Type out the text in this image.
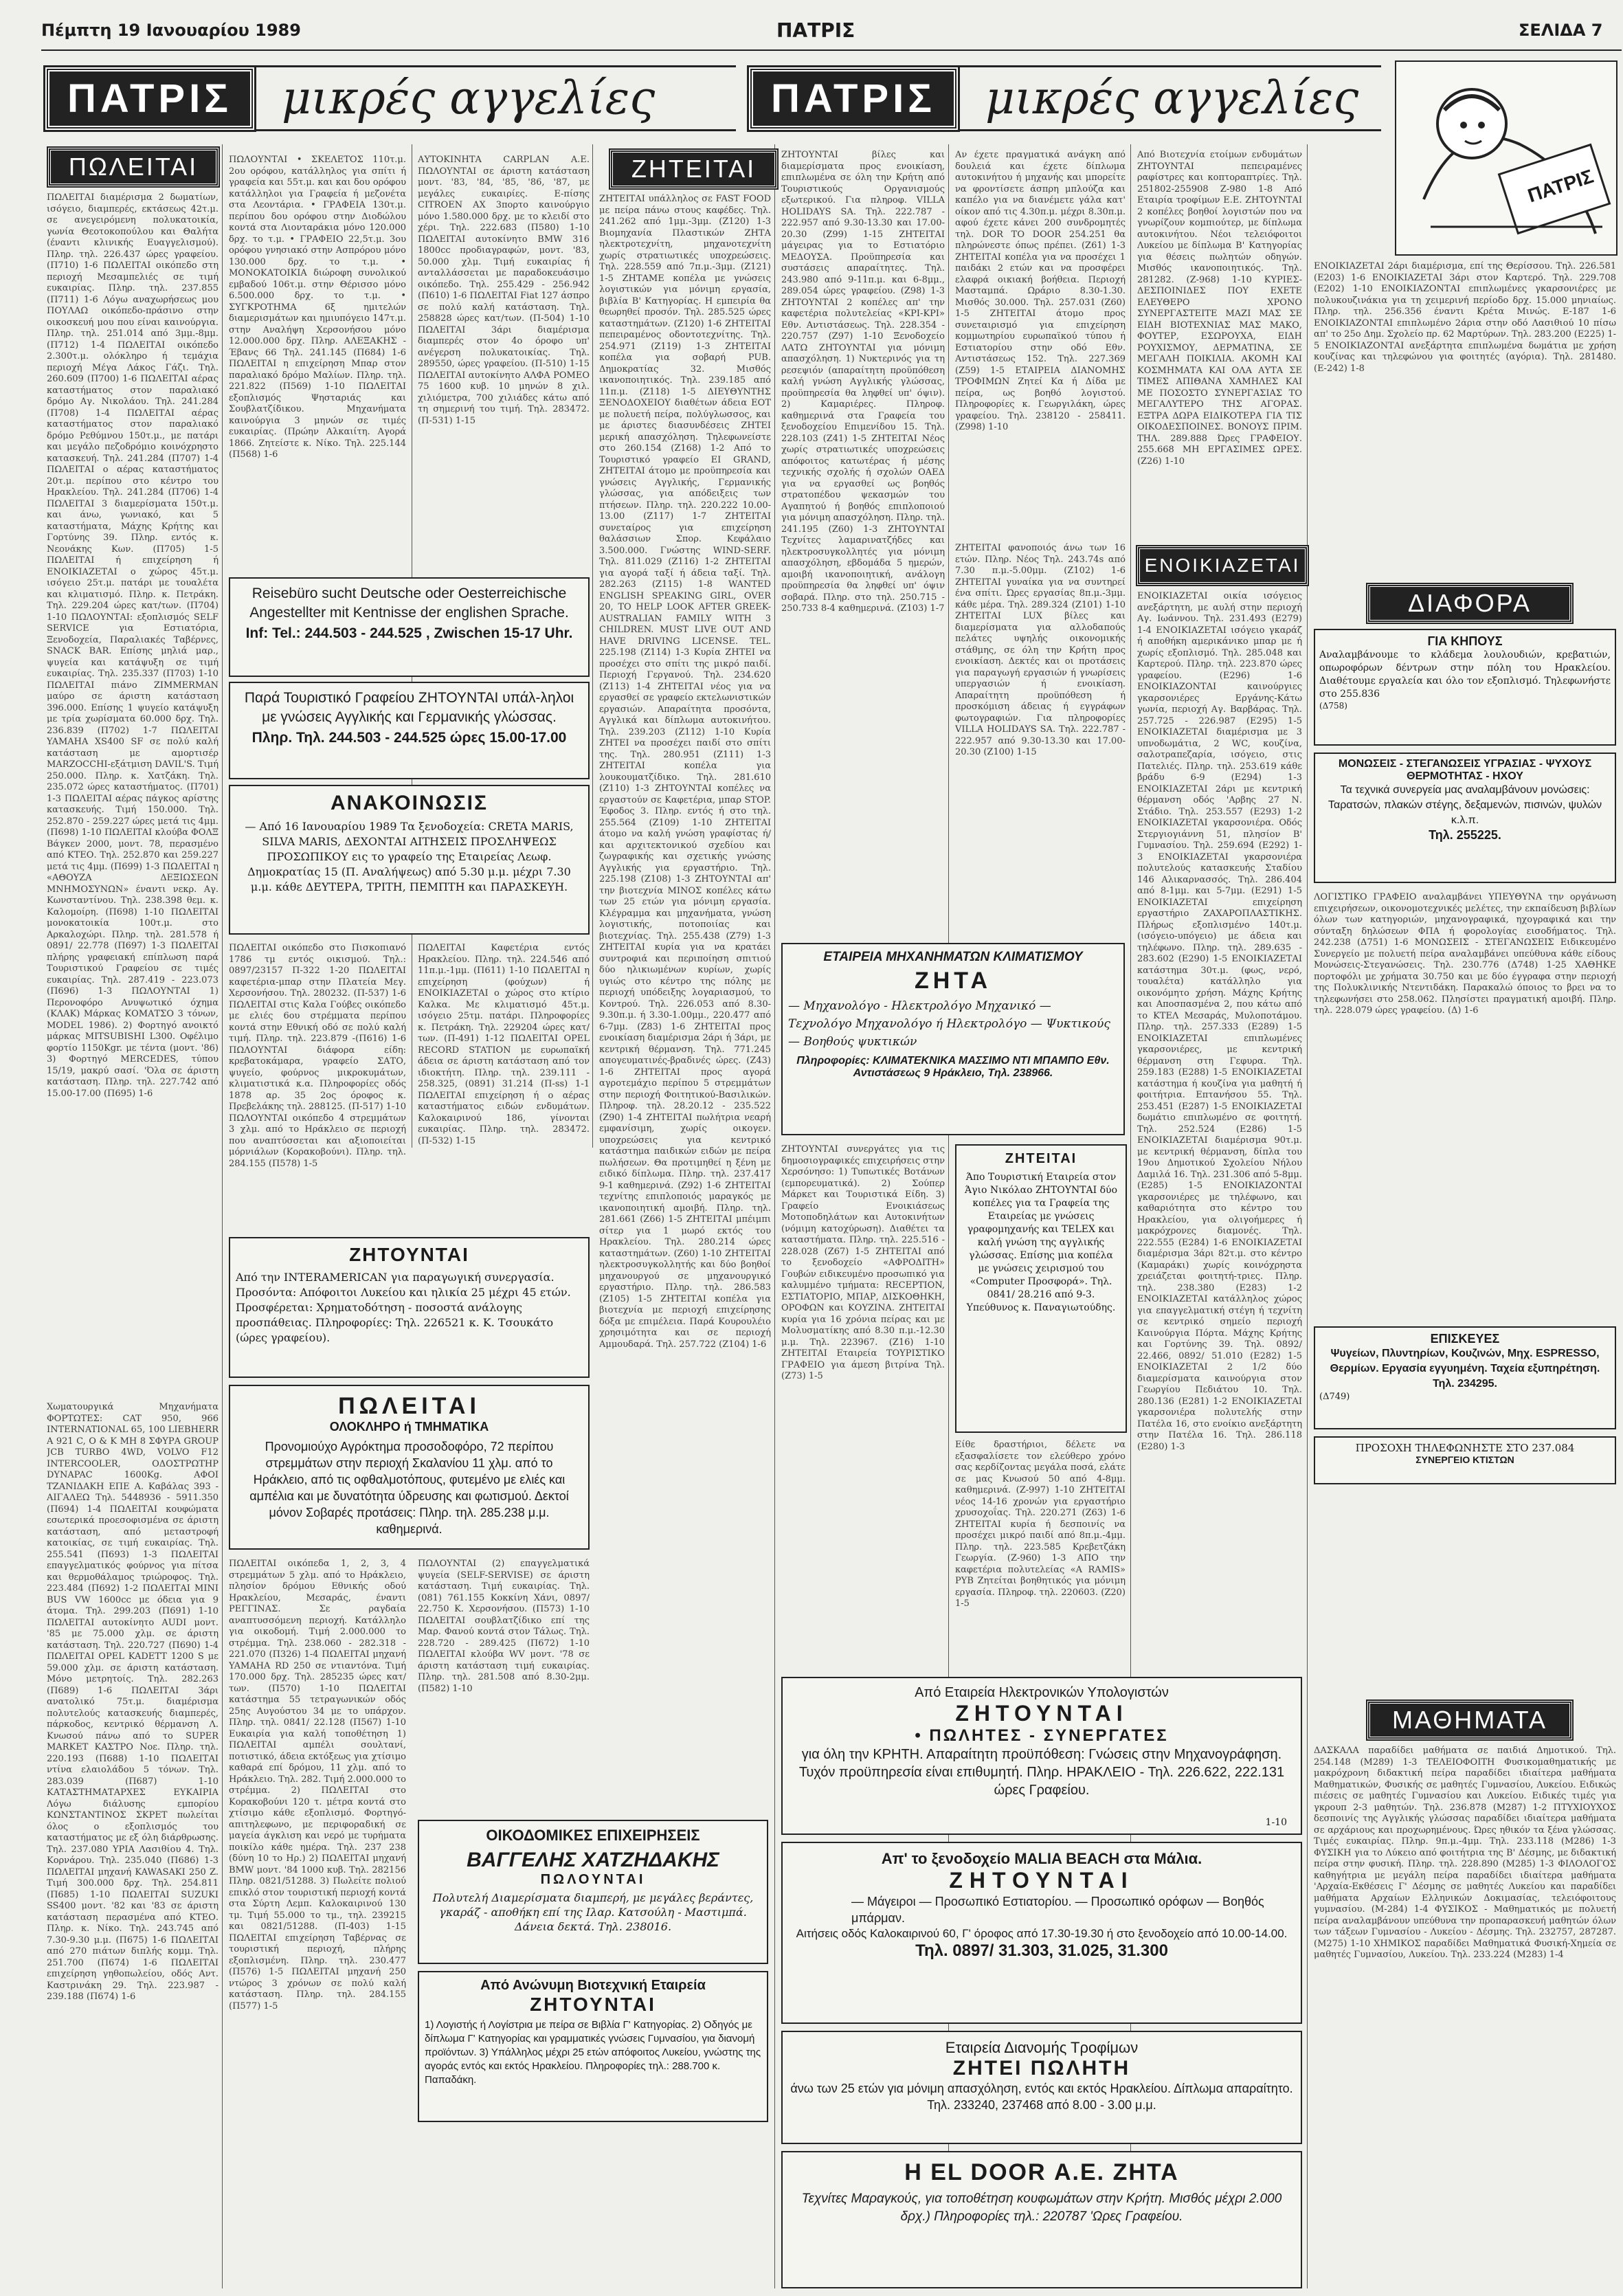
Πέμπτη 19 Ιανουαρίου 1989	ΠΑΤΡΙΣ	ΣΕΛΙΔΑ 7
ΠΑΤΡΙΣ	μικρές αγγελίες	ΠΑΤΡΙΣ	μικρές αγγελίες
ΠΑΤΡΙΣ
ΠΩΛΕΙΤΑΙ
ΠΩΛΕΙΤΑΙ διαμέρισμα 2 δωματίων, ισόγειο, διαμπερές, εκτάσεως 42τ.μ. σε ανεγειρόμενη πολυκατοικία, γωνία Θεοτοκοπούλου και Θαλήτα (έναντι κλινικής Ευαγγελισμού). Πληρ. τηλ. 226.437 ώρες γραφείου. (Π710) 1-6 ΠΩΛΕΙΤΑΙ οικόπεδο στη περιοχή Μεσαμπελιές σε τιμή ευκαιρίας. Πληρ. τηλ. 237.855 (Π711) 1-6 Λόγω αναχωρήσεως μου ΠΟΥΛΑΩ οικόπεδο-πράσινο στην οικοσκευή μου που είναι καινούργια. Πληρ. τηλ. 251.014 από 3μμ.-8μμ. (Π712) 1-4 ΠΩΛΕΙΤΑΙ οικόπεδο 2.300τ.μ. ολόκληρο ή τεμάχια περιοχή Μέγα Λάκος Γάζι. Τηλ. 260.609 (Π700) 1-6 ΠΩΛΕΙΤΑΙ αέρας καταστήματος στον παραλιακό δρόμο Αγ. Νικολάου. Τηλ. 241.284 (Π708) 1-4 ΠΩΛΕΙΤΑΙ αέρας καταστήματος στον παραλιακό δρόμο Ρεθύμνου 150τ.μ., με πατάρι και μεγάλο πεζοδρόμιο κοινόχρηστο κατασκευή. Τηλ. 241.284 (Π707) 1-4 ΠΩΛΕΙΤΑΙ ο αέρας καταστήματος 20τ.μ. περίπου στο κέντρο του Ηρακλείου. Τηλ. 241.284 (Π706) 1-4 ΠΩΛΕΙΤΑΙ 3 διαμερίσματα 150τ.μ. και άνω, γωνιακό, και 5 καταστήματα, Μάχης Κρήτης και Γορτύνης 39. Πληρ. εντός κ. Νεονάκης Κων. (Π705) 1-5 ΠΩΛΕΙΤΑΙ ή επιχείρηση ή ΕΝΟΙΚΙΑΖΕΤΑΙ ο χώρος 45τ.μ. ισόγειο 25τ.μ. πατάρι με τουαλέτα και κλιματισμό. Πληρ. κ. Πετράκη. Τηλ. 229.204 ώρες κατ/των. (Π704) 1-10 ΠΩΛΟΥΝΤΑΙ: εξοπλισμός SELF SERVICE για Εστιατόρια, Ξενοδοχεία, Παραλιακές Ταβέρνες, SNACK BAR. Επίσης μηλιά μαρ., ψυγεία και κατάψυξη σε τιμή ευκαιρίας. Τηλ. 235.337 (Π703) 1-10 ΠΩΛΕΙΤΑΙ πιάνο ZIMMERMAN μαύρο σε άριστη κατάσταση 396.000. Επίσης 1 ψυγείο κατάψυξη με τρία χωρίσματα 60.000 δρχ. Τηλ. 236.839 (Π702) 1-7 ΠΩΛΕΙΤΑΙ YAMAHA XS400 SF σε πολύ καλή κατάσταση με αμορτισέρ MARZOCCHI-εξάτμιση DAVIL'S. Τιμή 250.000. Πληρ. κ. Χατζάκη. Τηλ. 235.072 ώρες καταστήματος. (Π701) 1-3 ΠΩΛΕΙΤΑΙ αέρας πάγκος αρίστης κατασκευής. Τιμή 150.000. Τηλ. 252.870 - 259.227 ώρες μετά τις 4μμ. (Π698) 1-10 ΠΩΛΕΙΤΑΙ κλούβα ΦΟΛΞ Βάγκεν 2000, μοντ. 78, περασμένο από ΚΤΕΟ. Τηλ. 252.870 και 259.227 μετά τις 4μμ. (Π699) 1-3 ΠΩΛΕΙΤΑΙ η «ΑΘΟΥΖΑ ΔΕΞΙΩΣΕΩΝ ΜΝΗΜΟΣΥΝΩΝ» έναντι νεκρ. Αγ. Κωνσταντίνου. Τηλ. 238.398 θεμ. κ. Καλομοίρη. (Π698) 1-10 ΠΩΛΕΙΤΑΙ μονοκατοικία 100τ.μ. στο Αρκαλοχώρι. Πληρ. τηλ. 281.578 ή 0891/ 22.778 (Π697) 1-3 ΠΩΛΕΙΤΑΙ πλήρης γραφειακή επίπλωση παρά Τουριστικού Γραφείου σε τιμές ευκαιρίας. Τηλ. 287.419 - 223.073 (Π696) 1-3 ΠΩΛΟΥΝΤΑΙ 1) Περονοφόρο Ανυψωτικό όχημα (ΚΛΑΚ) Μάρκας ΚΟΜΑΤΣΟ 3 τόνων, MODEL 1986). 2) Φορτηγό ανοικτό μάρκας MITSUBISHI L300. Οφέλιμο φορτίο 1150Kgr. με τέντα (μοντ. '86) 3) Φορτηγό MERCEDES, τύπου 15/19, μακρύ σασί. 'Όλα σε άριστη κατάσταση. Πληρ. τηλ. 227.742 από 15.00-17.00 (Π695) 1-6
Χωματουργικά Μηχανήματα ΦΟΡΤΩΤΕΣ: CAT 950, 966 INTERNATIONAL 65, 100 LIEBHERR A 921 C, Ο & Κ ΜΗ 8 ΣΦΥΡΑ GROUP JCB TURBO 4WD, VOLVO F12 INTERCOOLER, ΟΔΟΣΤΡΩΤΗΡ DYNAPAC 1600Kg. ΑΦΟΙ ΤΖΑΝΙΔΑΚΗ ΕΠΕ Α. Καβάλας 393 - ΑΙΓΑΛΕΩ Τηλ. 5448936 - 5911.350 (Π694) 1-4 ΠΩΛΕΙΤΑΙ κουφώματα εσωτερικά προεσοφισμένα σε άριστη κατάσταση, από μεταστροφή κατοικίας, σε τιμή ευκαιρίας. Τηλ. 255.541 (Π693) 1-3 ΠΩΛΕΙΤΑΙ επαγγελματικός φούρνος για πίτσα και θερμοθάλαμος τριώροφος. Τηλ. 223.484 (Π692) 1-2 ΠΩΛΕΙΤΑΙ MINI BUS VW 1600cc με όδεια για 9 άτομα. Τηλ. 299.203 (Π691) 1-10 ΠΩΛΕΙΤΑΙ αυτοκίνητο AUDI μοντ. '85 με 75.000 χλμ. σε άριστη κατάσταση. Τηλ. 220.727 (Π690) 1-4 ΠΩΛΕΙΤΑΙ OPEL KADETT 1200 S με 59.000 χλμ. σε άριστη κατάσταση. Μόνο μετρητοίς. Τηλ. 282.263 (Π689) 1-6 ΠΩΛΕΙΤΑΙ 3άρι ανατολικό 75τ.μ. διαμέρισμα πολυτελούς κατασκευής διαμπερές, πάρκοδος, κεντρικό θέρμανση Λ. Κνωσού πάνω από το SUPER MARKET ΚΑΣΤΡΟ Νοε. Πληρ. τηλ. 220.193 (Π688) 1-10 ΠΩΛΕΙΤΑΙ ντίνα ελαιολάδου 5 τόνων. Τηλ. 283.039 (Π687) 1-10 ΚΑΤΑΣΤΗΜΑΤΑΡΧΕΣ ΕΥΚΑΙΡΙΑ Λόγω διάλυσης εμπορίου ΚΩΝΣΤΑΝΤΙΝΟΣ ΣΚΡΕΤ πωλείται όλος ο εξοπλισμός του καταστήματος με εξ όλη διάρθρωσης. Τηλ. 237.080 ΥΡΙΑ Λασιθίου 4. Τηλ. Κορνάρου. Τηλ. 235.040 (Π686) 1-3 ΠΩΛΕΙΤΑΙ μηχανή KAWASAKI 250 Z. Τιμή 300.000 δρχ. Τηλ. 254.811 (Π685) 1-10 ΠΩΛΕΙΤΑΙ SUZUKI SS400 μοντ. '82 και '83 σε άριστη κατάσταση περασμένα από ΚΤΕΟ. Πληρ. κ. Νίκο. Τηλ. 243.745 από 7.30-9.30 μ.μ. (Π675) 1-6 ΠΩΛΕΙΤΑΙ από 270 πιάτων διπλής κομμ. Τηλ. 251.700 (Π674) 1-6 ΠΩΛΕΙΤΑΙ επιχείρηση γηθοπωλείου, οδός Αντ. Καστρινάκη 29. Τηλ. 223.987 - 239.188 (Π674) 1-6
ΠΩΛΟΥΝΤΑΙ • ΣΚΕΛΕΤΟΣ 110τ.μ. 2ου ορόφου, κατάλληλος για σπίτι ή γραφεία και 55τ.μ. και και δου ορόφου κατάλληλοι για Γραφεία ή μεζονέτα στα Λεοντάρια. • ΓΡΑΦΕΙΑ 130τ.μ. περίπου δου ορόφου στην Διοδώλου κοντά στα Λιονταράκια μόνο 120.000 δρχ. το τ.μ. • ΓΡΑΦΕΙΟ 22,5τ.μ. 3ου ορόφου γνησιακό στην Ασπρόρου μόνο 130.000 δρχ. το τ.μ. • ΜΟΝΟΚΑΤΟΙΚΙΑ διώροφη συνολικού εμβαδού 106τ.μ. στην Θέρισσο μόνο 6.500.000 δρχ. το τ.μ. • ΣΥΓΚΡΟΤΗΜΑ 6ξ ημιτελών διαμερισμάτων και ημιυπόγειο 147τ.μ. στην Αναλήψη Χερσονήσου μόνο 12.000.000 δρχ. Πληρ. ΑΛΕΞΑΚΗΣ - Έβανς 66 Τηλ. 241.145 (Π684) 1-6 ΠΩΛΕΙΤΑΙ η επιχείρηση Μπαρ στον παραλιακό δρόμο Μαλίων. Πληρ. τηλ. 221.822 (Π569) 1-10 ΠΩΛΕΙΤΑΙ εξοπλισμός Ψησταριάς και Σουβλατζίδικου. Μηχανήματα καινούργια 3 μηνών σε τιμές ευκαιρίας. (Πρώην Αλκαιίτη. Αγορά 1866. Ζητείστε κ. Νίκο. Τηλ. 225.144 (Π568) 1-6
ΑΥΤΟΚΙΝΗΤΑ CARPLAN Α.Ε. ΠΩΛΟΥΝΤΑΙ σε άριστη κατάσταση μοντ. '83, '84, '85, '86, '87, με μεγάλες ευκαιρίες. Ε-πίσης CITROEN ΑΧ 3πορτο καινούργιο μόνο 1.580.000 δρχ. με το κλειδί στο χέρι. Τηλ. 222.683 (Π580) 1-10 ΠΩΛΕΙΤΑΙ αυτοκίνητο BMW 316 1800cc προδιαγραφών, μοντ. '83, 50.000 χλμ. Τιμή ευκαιρίας ή ανταλλάσσεται με παραδοκευάσιμο οικόπεδο. Τηλ. 255.429 - 256.942 (Π610) 1-6 ΠΩΛΕΙΤΑΙ Fiat 127 άσπρο σε πολύ καλή κατάσταση. Τηλ. 258828 ώρες κατ/των. (Π-504) 1-10 ΠΩΛΕΙΤΑΙ 3άρι διαμέρισμα διαμπερές στον 4ο όροφο υπ' ανέγερση πολυκατοικίας. Τηλ. 289550, ώρες γραφείου. (Π-510) 1-15 ΠΩΛΕΙΤΑΙ αυτοκίνητο ΑΛΦΑ ΡΟΜΕΟ 75 1600 κυβ. 10 μηνών 8 χιλ. χιλιόμετρα, 700 χιλιάδες κάτω από τη σημερινή του τιμή. Τηλ. 283472. (Π-531) 1-15
Reisebüro sucht Deutsche oder Oesterreichische Angestellter mit Kentnisse der englishen Sprache.
Inf: Tel.: 244.503 - 244.525 , Zwischen 15-17 Uhr.
Παρά Τουριστικό Γραφείου ΖΗΤΟΥΝΤΑΙ υπάλ-ληλοι με γνώσεις Αγγλικής και Γερμανικής γλώσσας.
Πληρ. Τηλ. 244.503 - 244.525 ώρες 15.00-17.00
ΑΝΑΚΟΙΝΩΣΙΣ
— Από 16 Ιανουαρίου 1989 Τα ξενοδοχεία: CRETA MARIS, SILVA MARIS, ΔΕΧΟΝΤΑΙ ΑΙΤΗΣΕΙΣ ΠΡΟΣΛΗΨΕΩΣ ΠΡΟΣΩΠΙΚΟΥ εις το γραφείο της Εταιρείας Λεωφ. Δημοκρατίας 15 (Π. Αναλήψεως) από 5.30 μ.μ. μέχρι 7.30 μ.μ. κάθε ΔΕΥΤΕΡΑ, ΤΡΙΤΗ, ΠΕΜΠΤΗ και ΠΑΡΑΣΚΕΥΗ.
ΠΩΛΕΙΤΑΙ οικόπεδο στο Πισκοπιανό 1786 τμ εντός οικισμού. Τηλ.: 0897/23157 Π-322 1-20 ΠΩΛΕΙΤΑΙ καφετέρια-μπαρ στην Πλατεία Μεγ. Χερσονήσου. Τηλ. 280232. (Π-537) 1-6 ΠΩΛΕΙΤΑΙ στις Καλα Γούβες οικόπεδο με ελιές 6ου στρέμματα περίπου κοντά στην Εθνική οδό σε πολύ καλή τιμή. Πληρ. τηλ. 223.879 -(Π616) 1-6 ΠΩΛΟΥΝΤΑΙ διάφορα είδη: κρεβατοκάμαρα, γραφείο ΣΑΤΟ, ψυγείο, φούρνος μικροκυμάτων, κλιματιστικά κ.α. Πληροφορίες οδός 1878 αρ. 35 2ος όροφος κ. Πρεβελάκης τηλ. 288125. (Π-517) 1-10 ΠΩΛΟΥΝΤΑΙ οικόπεδο 4 στρεμμάτων 3 χλμ. από το Ηράκλειο σε περιοχή που αναπτύσσεται και αξιοποιείται μόρνιάλων (Κορακοβούνι). Πληρ. τηλ. 284.155 (Π578) 1-5
ΠΩΛΕΙΤΑΙ Καφετέρια εντός Ηρακλείου. Πληρ. τηλ. 224.546 από 11π.μ.-1μμ. (Π611) 1-10 ΠΩΛΕΙΤΑΙ η επιχείρηση (φούχων) ή ΕΝΟΙΚΙΑΖΕΤΑΙ ο χώρος στο κτίριο Καλκα. Με κλιματισμό 45τ.μ. ισόγειο 25τμ. πατάρι. Πληροφορίες κ. Πετράκη. Τηλ. 229204 ώρες κατ/των. (Π-491) 1-12 ΠΩΛΕΙΤΑΙ OPEL RECORD STATION με ευρωπαϊκή άδεια σε άριστη κατάσταση από τον ιδιοκτήτη. Πληρ. τηλ. 239.111 - 258.325, (0891) 31.214 (Π-ss) 1-1 ΠΩΛΕΙΤΑΙ επιχείρηση ή ο αέρας καταστήματος ειδών ενδυμάτων. Καλοκαιρινού 186, γίνονται ευκαιρίας. Πληρ. τηλ. 283472. (Π-532) 1-15
ΖΗΤΟΥΝΤΑΙ
Από την INTERAMERICAN για παραγωγική συνεργασία. Προσόντα: Απόφοιτοι Λυκείου και ηλικία 25 μέχρι 45 ετών. Προσφέρεται: Χρηματοδότηση - ποσοστά ανάλογης προσπάθειας. Πληροφορίες: Τηλ. 226521 κ. Κ. Τσουκάτο (ώρες γραφείου).
ΠΩΛΕΙΤΑΙ
ΟΛΟΚΛΗΡΟ ή ΤΜΗΜΑΤΙΚΑ
Προνομιούχο Αγρόκτημα προσοδοφόρο, 72 περίπου στρεμμάτων στην περιοχή Σκαλανίου 11 χλμ. από το Ηράκλειο, από τις οφθαλμοτόπους, φυτεμένο με ελιές και αμπέλια και με δυνατότητα ύδρευσης και φωτισμού. Δεκτοί μόνον Σοβαρές προτάσεις: Πληρ. τηλ. 285.238 μ.μ. καθημερινά.
ΠΩΛΕΙΤΑΙ οικόπεδα 1, 2, 3, 4 στρεμμάτων 5 χλμ. από το Ηράκλειο, πλησίον δρόμου Εθνικής οδού Ηρακλείου, Μεσαράς, έναντι ΡΕΓΓΙΝΑΣ. Σε ραγδαία αναπτυσσόμενη περιοχή. Κατάλληλο για οικοδομή. Τιμή 2.000.000 το στρέμμα. Τηλ. 238.060 - 282.318 - 221.070 (Π326) 1-4 ΠΩΛΕΙΤΑΙ μηχανή YAMAHA RD 250 σε ντιαντόνα. Τιμή 170.000 δρχ. Τηλ. 285235 ώρες κατ/των. (Π570) 1-10 ΠΩΛΕΙΤΑΙ κατάστημα 55 τετραγωνικών οδός 25ης Αυγούστου 34 με το υπάρχον. Πληρ. τηλ. 0841/ 22.128 (Π567) 1-10 Ευκαιρία για καλή τοποθέτηση 1) ΠΩΛΕΙΤΑΙ αμπέλι σουλτανί, ποτιστικό, άδεια εκτόξεως για χτίσιμο καθαρά επί δρόμου, 11 χλμ. από το Ηράκλειο. Τηλ. 282. Τιμή 2.000.000 το στρέμμα. 2) ΠΩΛΕΙΤΑΙ στο Κορακοβούνι 120 τ. μέτρα κοντά στο χτίσιμο κάθε εξοπλισμό. Φορτηγό-απιτηλεφωνο, με περιφοραδική σε μαγεία άγκλιση και νερό με τυρήματα ποικίλο κάθε ημέρα. Τηλ. 237 238 (δύνη 10 το Ηρ.) 2) ΠΩΛΕΙΤΑΙ μηχανή BMW μοντ. '84 1000 κυβ. Τηλ. 282156 Πληρ. 0821/51288. 3) Πωλείτε πολιού επικλό στον τουριστική περιοχή κοντά στα Σύρτη Λεμπ. Καλοκαιρινού 130 τμ. Τιμή 55.000 το τμ., τηλ. 239215 και 0821/51288. (Π-403) 1-15 ΠΩΛΕΙΤΑΙ επιχείρηση Ταβέρνας σε τουριστική περιοχή, πλήρης εξοπλισμένη. Πληρ. τηλ. 230.477 (Π576) 1-5 ΠΩΛΕΙΤΑΙ μηχανή 250 ντώρος 3 χρόνων σε πολύ καλή κατάσταση. Πληρ. τηλ. 284.155 (Π577) 1-5
ΠΩΛΟΥΝΤΑΙ (2) επαγγελματικά ψυγεία (SELF-SERVISE) σε άριστη κατάσταση. Τιμή ευκαιρίας. Τηλ. (081) 761.155 Κοκκίνη Χάνι, 0897/ 22.750 Κ. Χερσονήσου. (Π573) 1-10 ΠΩΛΕΙΤΑΙ σουβλατζίδικο επί της Μαρ. Φανού κοντά στον Τάλως. Τηλ. 228.720 - 289.425 (Π672) 1-10 ΠΩΛΕΙΤΑΙ κλούβα WV μοντ. '78 σε άριστη κατάσταση τιμή ευκαιρίας. Πληρ. τηλ. 281.508 από 8.30-2μμ. (Π582) 1-10
ΟΙΚΟΔΟΜΙΚΕΣ ΕΠΙΧΕΙΡΗΣΕΙΣ
ΒΑΓΓΕΛΗΣ ΧΑΤΖΗΔΑΚΗΣ
ΠΩΛΟΥΝΤΑΙ
Πολυτελή Διαμερίσματα διαμπερή, με μεγάλες βεράντες, γκαράζ - αποθήκη επί της Ιλαρ. Κατσούλη - Μαστιμπά. Δάνεια δεκτά. Τηλ. 238016.
Από Ανώνυμη Βιοτεχνική Εταιρεία
ΖΗΤΟΥΝΤΑΙ
1) Λογιστής ή Λογίστρια με πείρα σε Βιβλία Γ' Κατηγορίας. 2) Οδηγός με δίπλωμα Γ' Κατηγορίας και γραμματικές γνώσεις Γυμνασίου, για διανομή προϊόντων. 3) Υπάλληλος μέχρι 25 ετών απόφοιτος Λυκείου, γνώστης της αγοράς εντός και εκτός Ηρακλείου. Πληροφορίες τηλ.: 288.700 κ. Παπαδάκη.
ΖΗΤΕΙΤΑΙ
ΖΗΤΕΙΤΑΙ υπάλληλος σε FAST FOOD με πείρα πάνω στους καφέδες. Τηλ. 241.262 από 1μμ.-3μμ. (Ζ120) 1-3 Βιομηχανία Πλαστικών ΖΗΤΑ ηλεκτροτεχνίτη, μηχανοτεχνίτη χωρίς στρατιωτικές υποχρεώσεις. Τηλ. 228.559 από 7π.μ.-3μμ. (Ζ121) 1-5 ΖΗΤΑΜΕ κοπέλα με γνώσεις λογιστικών για μόνιμη εργασία, βιβλία Β' Κατηγορίας. Η εμπειρία θα θεωρηθεί προσόν. Τηλ. 285.525 ώρες καταστημάτων. (Ζ120) 1-6 ΖΗΤΕΙΤΑΙ πεπειραμένος οδοντοτεχνίτης. Τηλ. 254.971 (Ζ119) 1-3 ΖΗΤΕΙΤΑΙ κοπέλα για σοβαρή PUB. Δημοκρατίας 32. Μισθός ικανοποιητικός. Τηλ. 239.185 από 11π.μ. (Ζ118) 1-5 ΔΙΕΥΘΥΝΤΗΣ ΞΕΝΟΔΟΧΕΙΟΥ διαθέτων άδεια ΕΟΤ με πολυετή πείρα, πολύγλωσσος, και με άριστες διασυνδέσεις ΖΗΤΕΙ μερική απασχόληση. Τηλεφωνείστε στο 260.154 (Ζ168) 1-2 Από το Τουριστικό γραφείο ΕΙ GRAND, ΖΗΤΕΙΤΑΙ άτομο με προϋπηρεσία και γνώσεις Αγγλικής, Γερμανικής γλώσσας, για απόδειξεις των πτήσεων. Πληρ. τηλ. 220.222 10.00-13.00 (Ζ117) 1-7 ΖΗΤΕΙΤΑΙ συνεταίρος για επιχείρηση θαλάσσιων Σπορ. Κεφάλαιο 3.500.000. Γνώστης WIND-SERF. Τηλ. 811.029 (Ζ116) 1-2 ΖΗΤΕΙΤΑΙ για αγορά ταξί ή άδεια ταξί. Τηλ. 282.263 (Ζ115) 1-8 WANTED ENGLISH SPEAKING GIRL, OVER 20, TO HELP LOOK AFTER GREEK-AUSTRALIAN FAMILY WITH 3 CHILDREN. MUST LIVE OUT AND HAVE DRIVING LICENSE. TEL. 225.198 (Ζ114) 1-3 Κυρία ΖΗΤΕΙ να προσέχει στο σπίτι της μικρό παιδί. Περιοχή Γεργανού. Τηλ. 234.620 (Ζ113) 1-4 ΖΗΤΕΙΤΑΙ νέος για να εργασθεί σε γραφείο εκτελωνιστικών εργασιών. Απαραίτητα προσόντα, Αγγλικά και δίπλωμα αυτοκινήτου. Τηλ. 239.203 (Ζ112) 1-10 Κυρία ΖΗΤΕΙ να προσέχει παιδί στο σπίτι της. Τηλ. 280.951 (Ζ111) 1-3 ΖΗΤΕΙΤΑΙ κοπέλα για λουκουματζίδικο. Τηλ. 281.610 (Ζ110) 1-3 ΖΗΤΟΥΝΤΑΙ κοπέλες να εργαστούν σε Καφετέρια, μπαρ STOP. Έφοδος 3. Πληρ. εντός ή στο τηλ. 255.564 (Ζ109) 1-10 ΖΗΤΕΙΤΑΙ άτομο να καλή γνώση γραφίστας ή/και αρχιτεκτονικού σχεδίου και ζωγραφικής και σχετικής γνώσης Αγγλικής για εργαστήριο. Τηλ. 225.198 (Ζ108) 1-3 ΖΗΤΟΥΝΤΑΙ απ' την βιοτεχνία ΜΙΝΟΣ κοπέλες κάτω των 25 ετών για μόνιμη εργασία. Κλέγραμμα και μηχανήματα, γνώση λογιστικής, ποτοποιίας και βιοτεχνίας. Τηλ. 255.438 (Ζ79) 1-3 ΖΗΤΕΙΤΑΙ κυρία για να κρατάει συντροφιά και περιποίηση σπιτιού δύο ηλικιωμένων κυρίων, χωρίς υγιώς στο κέντρο της πόλης με περιοχή υπόδειξης λογαριασμού, το Κοντρού. Τηλ. 226.053 από 8.30-9.30π.μ. ή 3.30-1.00μμ., 220.477 από 6-7μμ. (Ζ83) 1-6 ΖΗΤΕΙΤΑΙ προς ενοικίαση διαμέρισμα 2άρι ή 3άρι, με κεντρική θέρμανση. Τηλ. 771.245 απογευματινές-βραδινές ώρες. (Ζ43) 1-6 ΖΗΤΕΙΤΑΙ προς αγορά αγροτεμάχιο περίπου 5 στρεμμάτων στην περιοχή Φοιτητικού-Βασιλικών. Πληροφ. τηλ. 28.20.12 - 235.522 (Ζ90) 1-4 ΖΗΤΕΙΤΑΙ πωλήτρια νεαρή εμφανίσιμη, χωρίς οικογεν. υποχρεώσεις για κεντρικό κατάστημα παιδικών ειδών με πείρα πωλήσεων. Θα προτιμηθεί η ξένη με ειδικό δίπλωμα. Πληρ. τηλ. 237.417 9-1 καθημερινά. (Ζ92) 1-6 ΖΗΤΕΙΤΑΙ τεχνίτης επιπλοποιός μαραγκός με ικανοποιητική αμοιβή. Πληρ. τηλ. 281.661 (Ζ66) 1-5 ΖΗΤΕΙΤΑΙ μπέιμπι σίτερ για 1 μωρό εκτός του Ηρακλείου. Τηλ. 280.214 ώρες καταστημάτων. (Ζ60) 1-10 ΖΗΤΕΙΤΑΙ ηλεκτροσυγκολλητής και δύο βοηθοί μηχανουργού σε μηχανουργικό εργαστήριο. Πληρ. τηλ. 286.583 (Ζ105) 1-5 ΖΗΤΕΙΤΑΙ κοπέλα για βιοτεχνία με περιοχή επιχείρησης δόξα με επιμέλεια. Παρά Κουρουλέιο χρησιμότητα και σε περιοχή Αμμουδαρά. Τηλ. 257.722 (Ζ104) 1-6
ΖΗΤΟΥΝΤΑΙ βίλες και διαμερίσματα προς ενοικίαση, επιπλωμένα σε όλη την Κρήτη από Τουριστικούς Οργανισμούς εξωτερικού. Για πληροφ. VILLA HOLIDAYS SA. Τηλ. 222.787 - 222.957 από 9.30-13.30 και 17.00-20.30 (Ζ99) 1-15 ΖΗΤΕΙΤΑΙ μάγειρας για το Εστιατόριο ΜΕΔΟΥΣΑ. Προϋπηρεσία και συστάσεις απαραίτητες. Τηλ. 243.980 από 9-11π.μ. και 6-8μμ., 289.054 ώρες γραφείου. (Ζ98) 1-3 ΖΗΤΟΥΝΤΑΙ 2 κοπέλες απ' την καφετέρια πολυτελείας «ΚΡΙ-ΚΡΙ» Εθν. Αντιστάσεως. Τηλ. 228.354 - 220.757 (Ζ97) 1-10 Ξενοδοχείο ΛΑΤΩ ΖΗΤΟΥΝΤΑΙ για μόνιμη απασχόληση. 1) Νυκτερινός για τη ρεσεψιόν (απαραίτητη προϋπόθεση καλή γνώση Αγγλικής γλώσσας, προϋπηρεσία θα ληφθεί υπ' όψιν). 2) Καμαριέρες. Πληροφ. καθημερινά στα Γραφεία του ξενοδοχείου Επιμενίδου 15. Τηλ. 228.103 (Ζ41) 1-5 ΖΗΤΕΙΤΑΙ Νέος χωρίς στρατιωτικές υποχρεώσεις απόφοιτος κατωτέρας ή μέσης τεχνικής σχολής ή σχολών ΟΑΕΔ για να εργασθεί ως βοηθός στρατοπέδου ψεκασμών του Αγαπητού ή βοηθός επιπλοποιού για μόνιμη απασχόληση. Πληρ. τηλ. 241.195 (Ζ60) 1-3 ΖΗΤΟΥΝΤΑΙ Τεχνίτες λαμαρινατζήδες και ηλεκτροσυγκολλητές για μόνιμη απασχόληση, εβδομάδα 5 ημερών, αμοιβή ικανοποιητική, ανάλογη προϋπηρεσία θα ληφθεί υπ' όψιν σοβαρά. Πληρ. στο τηλ. 250.715 - 250.733 8-4 καθημερινά. (Ζ103) 1-7
ΕΤΑΙΡΕΙΑ ΜΗΧΑΝΗΜΑΤΩΝ ΚΛΙΜΑΤΙΣΜΟΥ
ΖΗΤΑ
— Μηχανολόγο - Ηλεκτρολόγο Μηχανικό — Τεχνολόγο Μηχανολόγο ή Ηλεκτρολόγο — Ψυκτικούς — Βοηθούς ψυκτικών
Πληροφορίες: ΚΛΙΜΑΤΕΚΝΙΚΑ ΜΑΣΣΙΜΟ ΝΤΙ ΜΠΑΜΠΟ Εθν. Αντιστάσεως 9 Ηράκλειο, Τηλ. 238966.
ΖΗΤΟΥΝΤΑΙ συνεργάτες για τις δημοσιογραφικές επιχειρήσεις στην Χερσόνησο: 1) Τυπωτικές Βοτάνων (εμπορευματικά). 2) Σούπερ Μάρκετ και Τουριστικά Είδη. 3) Γραφείο Ενοικιάσεως Μοτοποδηλάτων και Αυτοκινήτων (νόμιμη κατοχύρωση). Διαθέτει τα καταστήματα. Πληρ. τηλ. 225.516 - 228.028 (Ζ67) 1-5 ΖΗΤΕΙΤΑΙ από το ξενοδοχείο «ΑΦΡΟΔΙΤΗ» Γουβών ειδικευμένο προσωπικό για καλυμμένο τμήματα: RECEPTION, ΕΣΤΙΑΤΟΡΙΟ, ΜΠΑΡ, ΔΙΣΚΟΘΗΚΗ, ΟΡΟΦΩΝ και ΚΟΥΖΙΝΑ. ΖΗΤΕΙΤΑΙ κυρία για 16 χρόνια πείρας και με Μολυσματίκης από 8.30 π.μ.-12.30 μ.μ. Τηλ. 223967. (Ζ16) 1-10 ΖΗΤΕΙΤΑΙ Εταιρεία ΤΟΥΡΙΣΤΙΚΟ ΓΡΑΦΕΙΟ για άμεση βιτρίνα Τηλ. (Ζ73) 1-5
Αν έχετε πραγματικά ανάγκη από δουλειά και έχετε δίπλωμα αυτοκινήτου ή μηχανής και μπορείτε να φροντίσετε άσπρη μπλούζα και καπέλο για να διανέμετε γάλα κατ' οίκον από τις 4.30π.μ. μέχρι 8.30π.μ. αφού έχετε κάνει 200 συνδρομητές τηλ. DOR ΤΟ DOOR 254.251 θα πληρώνεστε όπως πρέπει. (Ζ61) 1-3 ΖΗΤΕΙΤΑΙ κοπέλα για να προσέχει 1 παιδάκι 2 ετών και να προσφέρει ελαφρά οικιακή βοήθεια. Περιοχή Μασταμπά. Ωράριο 8.30-1.30. Μισθός 30.000. Τηλ. 257.031 (Ζ60) 1-5 ΖΗΤΕΙΤΑΙ άτομο προς συνεταιρισμό για επιχείρηση κομμωτηρίου ευρωπαϊκού τύπου ή Εστιατορίου στην οδό Εθν. Αντιστάσεως 152. Τηλ. 227.369 (Ζ59) 1-5 ΕΤΑΙΡΕΙΑ ΔΙΑΝΟΜΗΣ ΤΡΟΦΙΜΩΝ Ζητεί Κα ή Δίδα με πείρα, ως βοηθό λογιστού. Πληροφορίες κ. Γεωργιλάκη, ώρες γραφείου. Τηλ. 238120 - 258411. (Ζ998) 1-10
ΖΗΤΕΙΤΑΙ φανοποιός άνω των 16 ετών. Πληρ. Νέος Τηλ. 243.74s από 7.30 π.μ.-5.00μμ. (Ζ102) 1-6 ΖΗΤΕΙΤΑΙ γυναίκα για να συντηρεί ένα σπίτι. Ώρες εργασίας 8π.μ.-3μμ. κάθε μέρα. Τηλ. 289.324 (Ζ101) 1-10 ΖΗΤΕΙΤΑΙ LUX βίλες και διαμερίσματα για αλλοδαπούς πελάτες υψηλής οικονομικής στάθμης, σε όλη την Κρήτη προς ενοικίαση. Δεκτές και οι προτάσεις για παραγωγή εργασιών ή γνωρίσεις υπεργασιών ή ενοικίαση. Απαραίτητη προϋπόθεση ή προσκόμιση άδειας ή εγγράφων φωτογραφιών. Για πληροφορίες VILLA HOLIDAYS SA. Τηλ. 222.787 - 222.957 από 9.30-13.30 και 17.00-20.30 (Ζ100) 1-15
ΖΗΤΕΙΤΑΙ
Άπο Τουριστική Εταιρεία στον Άγιο Νικόλαο ΖΗΤΟΥΝΤΑΙ δύο κοπέλες για τα Γραφεία της Εταιρείας με γνώσεις γραφομηχανής και TELEX και καλή γνώση της αγγλικής γλώσσας. Επίσης μια κοπέλα με γνώσεις χειρισμού του «Computer Προσφορά». Τηλ. 0841/ 28.216 από 9-3. Υπεύθυνος κ. Παναγιωτούδης.
Είθε δραστήριοι, δέλετε να εξασφαλίσετε τον ελεύθερο χρόνο σας κερδίζοντας μεγάλα ποσά, ελάτε σε μας Κνωσού 50 από 4-8μμ. καθημερινά. (Ζ-997) 1-10 ΖΗΤΕΙΤΑΙ νέος 14-16 χρονών για εργαστήριο χρυσοχοΐας. Τηλ. 220.271 (Ζ63) 1-6 ΖΗΤΕΙΤΑΙ κυρία ή δεσποινίς να προσέχει μικρό παιδί από 8π.μ.-4μμ. Πληρ. τηλ. 223.585 Κρεβετζάκη Γεωργία. (Ζ-960) 1-3 ΑΠΟ την καφετέρια πολυτελείας «A RAMIS» ΡΥΒ Ζητείται βοηθητικός για μόνιμη εργασία. Πληροφ. τηλ. 220603. (Ζ20) 1-5
Από Εταιρεία Ηλεκτρονικών Υπολογιστών
ΖΗΤΟΥΝΤΑΙ
• ΠΩΛΗΤΕΣ - ΣΥΝΕΡΓΑΤΕΣ
για όλη την ΚΡΗΤΗ. Απαραίτητη προϋπόθεση: Γνώσεις στην Μηχανογράφηση. Τυχόν προϋπηρεσία είναι επιθυμητή. Πληρ. ΗΡΑΚΛΕΙΟ - Τηλ. 226.622, 222.131 ώρες Γραφείου.
1-10
Απ' το ξενοδοχείο MALIA BEACH στα Μάλια.
ΖΗΤΟΥΝΤΑΙ
— Μάγειροι — Προσωπικό Εστιατορίου. — Προσωπικό ορόφων — Βοηθός μπάρμαν.
Αιτήσεις οδός Καλοκαιρινού 60, Γ' όροφος από 17.30-19.30 ή στο ξενοδοχείο από 10.00-14.00.
Τηλ. 0897/ 31.303, 31.025, 31.300
Εταιρεία Διανομής Τροφίμων
ΖΗΤΕΙ ΠΩΛΗΤΗ
άνω των 25 ετών για μόνιμη απασχόληση, εντός και εκτός Ηρακλείου. Δίπλωμα απαραίτητο. Τηλ. 233240, 237468 από 8.00 - 3.00 μ.μ.
Η EL DOOR Α.Ε. ΖΗΤΑ
Τεχνίτες Μαραγκούς, για τοποθέτηση κουφωμάτων στην Κρήτη. Μισθός μέχρι 2.000 δρχ.) Πληροφορίες τηλ.: 220787 'Ωρες Γραφείου.
Από Βιοτεχνία ετοίμων ενδυμάτων ΖΗΤΟΥΝΤΑΙ πεπειραμένες ραφίστρες και κοπτοραπτρίες. Τηλ. 251802-255908 Ζ-980 1-8 Από Εταιρία τροφίμων Ε.Ε. ΖΗΤΟΥΝΤΑΙ 2 κοπέλες βοηθοί λογιστών που να γνωρίζουν κομπιούτερ, με δίπλωμα αυτοκινήτου. Νέοι τελειόφοιτοι Λυκείου με δίπλωμα Β' Κατηγορίας για θέσεις πωλητών οδηγών. Μισθός ικανοποιητικός. Τηλ. 281282. (Ζ-968) 1-10 ΚΥΡΙΕΣ-ΔΕΣΠΟΙΝΙΔΕΣ ΠΟΥ ΕΧΕΤΕ ΕΛΕΥΘΕΡΟ ΧΡΟΝΟ ΣΥΝΕΡΓΑΣΤΕΙΤΕ ΜΑΖΙ ΜΑΣ ΣΕ ΕΙΔΗ ΒΙΟΤΕΧΝΙΑΣ ΜΑΣ ΜΑΚΟ, ΦΟΥΤΕΡ, ΕΣΩΡΟΥΧΑ, ΕΙΔΗ ΡΟΥΧΙΣΜΟΥ, ΔΕΡΜΑΤΙΝΑ, ΣΕ ΜΕΓΑΛΗ ΠΟΙΚΙΛΙΑ. ΑΚΟΜΗ ΚΑΙ ΚΟΣΜΗΜΑΤΑ ΚΑΙ ΟΛΑ ΑΥΤΑ ΣΕ ΤΙΜΕΣ ΑΠΙΘΑΝΑ ΧΑΜΗΛΕΣ ΚΑΙ ΜΕ ΠΟΣΟΣΤΟ ΣΥΝΕΡΓΑΣΙΑΣ ΤΟ ΜΕΓΑΛΥΤΕΡΟ ΤΗΣ ΑΓΟΡΑΣ. ΕΞΤΡΑ ΔΩΡΑ ΕΙΔΙΚΟΤΕΡΑ ΓΙΑ ΤΙΣ ΟΙΚΟΔΕΣΠΟΙΝΕΣ. ΒΟΝΟΥΣ ΠΡΙΜ. ΤΗΛ. 289.888 Ώρες ΓΡΑΦΕΙΟΥ. 255.668 ΜΗ ΕΡΓΑΣΙΜΕΣ ΩΡΕΣ. (Ζ26) 1-10
ΕΝΟΙΚΙΑΖΕΤΑΙ
ΕΝΟΙΚΙΑΖΕΤΑΙ οικία ισόγειος ανεξάρτητη, με αυλή στην περιοχή Αγ. Ιωάννου. Τηλ. 231.493 (Ε279) 1-4 ΕΝΟΙΚΙΑΖΕΤΑΙ ισόγειο γκαράζ ή αποθήκη αμερικάνικο μπαρ με ή χωρίς εξοπλισμό. Τηλ. 285.048 και Καρτερού. Πληρ. τηλ. 223.870 ώρες γραφείου. (Ε296) 1-6 ΕΝΟΙΚΙΑΖΟΝΤΑΙ καινούργιες γκαρσονιέρες Εργάνης-Κάτω γωνία, περιοχή Αγ. Βαρβάρας. Τηλ. 257.725 - 226.987 (Ε295) 1-5 ΕΝΟΙΚΙΑΖΕΤΑΙ διαμέρισμα με 3 υπνοδωμάτια, 2 WC, κουζίνα, σαλοτραπεζαρία, ισόγειο, στις Πατελιές. Πληρ. τηλ. 253.619 κάθε βράδυ 6-9 (Ε294) 1-3 ΕΝΟΙΚΙΑΖΕΤΑΙ 2άρι με κεντρική θέρμανση οδός 'Αρβης 27 Ν. Στάδιο. Τηλ. 253.557 (Ε293) 1-2 ΕΝΟΙΚΙΑΖΕΤΑΙ γκαρσονιέρα. Οδός Στεργιογιάννη 51, πλησίον Β' Γυμνασίου. Τηλ. 259.694 (Ε292) 1-3 ΕΝΟΙΚΙΑΖΕΤΑΙ γκαρσονιέρα πολυτελούς κατασκευής Σταδίου 146 Αλικαρνασσός. Τηλ. 286.404 από 8-1μμ. και 5-7μμ. (Ε291) 1-5 ΕΝΟΙΚΙΑΖΕΤΑΙ επιχείρηση εργαστήριο ΖΑΧΑΡΟΠΛΑΣΤΙΚΗΣ. Πλήρως εξοπλισμένο 140τ.μ. (ισόγειο-υπόγειο) με άδεια και τηλέφωνο. Πληρ. τηλ. 289.635 - 283.602 (Ε290) 1-5 ΕΝΟΙΚΙΑΖΕΤΑΙ κατάστημα 30τ.μ. (φως, νερό, τουαλέτα) κατάλληλο για οικονόμητο χρήση. Μάχης Κρήτης και Αποσπασμένα 2, που κάτω από το ΚΤΕΛ Μεσαράς, Μυλοποτάμου. Πληρ. τηλ. 257.333 (Ε289) 1-5 ΕΝΟΙΚΙΑΖΕΤΑΙ επιπλωμένες γκαρσονιέρες, με κεντρική θέρμανση στη Γεφυρα. Τηλ. 259.183 (Ε288) 1-5 ΕΝΟΙΚΙΑΖΕΤΑΙ κατάστημα ή κουζίνα για μαθητή ή φοιτήτρια. Επτανήσου 55. Τηλ. 253.451 (Ε287) 1-5 ΕΝΟΙΚΙΑΖΕΤΑΙ δωμάτιο επιπλωμένο σε φοιτητή. Τηλ. 252.524 (Ε286) 1-5 ΕΝΟΙΚΙΑΖΕΤΑΙ διαμέρισμα 90τ.μ. με κεντρική θέρμανση, δίπλα του 19ου Δημοτικού Σχολείου Νήλου Δαμιλά 16. Τηλ. 231.306 από 5-8μμ. (Ε285) 1-5 ΕΝΟΙΚΙΑΖΟΝΤΑΙ γκαρσονιέρες με τηλέφωνο, και καθαριότητα στο κέντρο του Ηρακλείου, για ολιγοήμερες ή μακρόχρονες διαμονές. Τηλ. 222.555 (Ε284) 1-6 ΕΝΟΙΚΙΑΖΕΤΑΙ διαμέρισμα 3άρι 82τ.μ. στο κέντρο (Καμαράκι) χωρίς κοινόχρηστα χρειάζεται φοιτητή-τριες. Πληρ. τηλ. 238.380 (Ε283) 1-2 ΕΝΟΙΚΙΑΖΕΤΑΙ κατάλληλος χώρος για επαγγελματική στέγη ή τεχνίτη σε κεντρικό σημείο περιοχή Καινούργια Πόρτα. Μάχης Κρήτης και Γορτύνης 39. Τηλ. 0892/ 22.466, 0892/ 51.010 (Ε282) 1-5 ΕΝΟΙΚΙΑΖΕΤΑΙ 2 1/2 δύο διαμερίσματα καινούργια στον Γεωργίου Πεδιάτου 10. Τηλ. 280.136 (Ε281) 1-2 ΕΝΟΙΚΙΑΖΕΤΑΙ γκαρσονιέρα πολυτελής στην Πατέλα 16, στο ενοίκιο ανεξάρτητη στην Πατέλα 16. Τηλ. 286.118 (Ε280) 1-3
ΕΝΟΙΚΙΑΖΕΤΑΙ 2άρι διαμέρισμα, επί της Θερίσσου. Τηλ. 226.581 (Ε203) 1-6 ΕΝΟΙΚΙΑΖΕΤΑΙ 3άρι στον Καρτερό. Τηλ. 229.708 (Ε202) 1-10 ΕΝΟΙΚΙΑΖΟΝΤΑΙ επιπλωμένες γκαρσονιέρες με πολυκουζινάκια για τη χειμερινή περίοδο δρχ. 15.000 μηνιαίως. Πληρ. τηλ. 256.356 έναντι Κρέτα Μινώς. Ε-187 1-6 ΕΝΟΙΚΙΑΖΟΝΤΑΙ επιπλωμένο 2άρια στην οδό Λασιθιού 10 πίσω απ' το 25ο Δημ. Σχολείο πρ. 62 Μαρτύρων. Τηλ. 283.200 (Ε225) 1-5 ΕΝΟΙΚΙΑΖΟΝΤΑΙ ανεξάρτητα επιπλωμένα δωμάτια με χρήση κουζίνας και τηλεφώνου για φοιτητές (αγόρια). Τηλ. 281480. (Ε-242) 1-8
ΔΙΑΦΟΡΑ
ΓΙΑ ΚΗΠΟΥΣ
Αναλαμβάνουμε το κλάδεμα λουλουδιών, κρεβατιών, οπωροφόρων δέντρων στην πόλη του Ηρακλείου. Διαθέτουμε εργαλεία και όλο τον εξοπλισμό. Τηλεφωνήστε στο 255.836
(Δ758)
ΜΟΝΩΣΕΙΣ - ΣΤΕΓΑΝΩΣΕΙΣ ΥΓΡΑΣΙΑΣ - ΨΥΧΟΥΣ ΘΕΡΜΟΤΗΤΑΣ - ΗΧΟΥ
Τα τεχνικά συνεργεία μας αναλαμβάνουν μονώσεις: Ταρατσών, πλακών στέγης, δεξαμενών, πισινών, ψυλών κ.λ.π.
Τηλ. 255225.
ΛΟΓΙΣΤΙΚΟ ΓΡΑΦΕΙΟ αναλαμβάνει ΥΠΕΥΘΥΝΑ την οργάνωση επιχειρήσεων, οικονομοτεχνικές μελέτες, την εκπαίδευση βιβλίων όλων των κατηγοριών, μηχανογραφικά, ηχογραφικά και την σύνταξη δηλώσεων ΦΠΑ ή φορολογίας εισοδήματος. Τηλ. 242.238 (Δ751) 1-6 ΜΟΝΩΣΕΙΣ - ΣΤΕΓΑΝΩΣΕΙΣ Ειδικευμένο Συνεργείο με πολυετή πείρα αναλαμβάνει υπεύθυνα κάθε είδους Μονώσεις-Στεγανώσεις. Τηλ. 230.776 (Δ748) 1-25 ΧΑΘΗΚΕ πορτοφόλι με χρήματα 30.750 και με δύο έγγραφα στην περιοχή της Πολυκλινικής Ντεντιδάκη. Παρακαλώ όποιος το βρει να το τηλεφωνήσει στο 258.062. Πλησίστει πραγματική αμοιβή. Πληρ. τηλ. 228.079 ώρες γραφείου. (Δ) 1-6
ΕΠΙΣΚΕΥΕΣ
Ψυγείων, Πλυντηρίων, Κουζινών, Μηχ. ESPRESSO, Θερμίων. Εργασία εγγυημένη. Ταχεία εξυπηρέτηση. Τηλ. 234295.
(Δ749)
ΠΡΟΣΟΧΗ ΤΗΛΕΦΩΝΗΣΤΕ ΣΤΟ 237.084
ΣΥΝΕΡΓΕΙΟ ΚΤΙΣΤΩΝ
ΜΑΘΗΜΑΤΑ
ΔΑΣΚΑΛΑ παραδίδει μαθήματα σε παιδιά Δημοτικού. Τηλ. 254.148 (Μ289) 1-3 ΤΕΛΕΙΟΦΟΙΤΗ Φυσικομαθηματικής με μακρόχρονη διδακτική πείρα παραδίδει ιδιαίτερα μαθήματα Μαθηματικών, Φυσικής σε μαθητές Γυμνασίου, Λυκείου. Ειδικώς πιέσεις σε μαθητές Γυμνασίου και Λυκείου. Ειδικές τιμές για γκρουπ 2-3 μαθητών. Τηλ. 236.878 (Μ287) 1-2 ΠΤΥΧΙΟΥΧΟΣ δεσποινίς της Αγγλικής γλώσσας παραδίδει ιδιαίτερα μαθήματα σε αρχάριους και προχωρημένους. Ώρες ηθικόν τα ξένα γλώσσας. Τιμές ευκαιρίας. Πληρ. 9π.μ.-4μμ. Τηλ. 233.118 (Μ286) 1-3 ΦΥΣΙΚΗ για το Λύκειο από φοιτήτρια της Β' Δέσμης, με διδακτική πείρα στην φυσική. Πληρ. τηλ. 228.890 (Μ285) 1-3 ΦΙΛΟΛΟΓΟΣ καθηγήτρια με μεγάλη πείρα παραδίδει ιδιαίτερα μαθήματα 'Αρχαία-Εκθέσεις Γ' Δέσμης σε μαθητές Λυκείου και παραδίδει μαθήματα Αρχαίων Ελληνικών Δοκιμασίας, τελειόφοιτους γυμνασίου. (Μ-284) 1-4 ΦΥΣΙΚΟΣ - Μαθηματικός με πολυετή πείρα αναλαμβάνουν υπεύθυνα την προπαρασκευή μαθητών όλων των τάξεων Γυμνασίου - Λυκείου - Δέσμης. Τηλ. 232757, 287287. (Μ275) 1-10 ΧΗΜΙΚΟΣ παραδίδει Μαθηματικά Φυσική-Χημεία σε μαθητές Γυμνασίου, Λυκείου. Τηλ. 233.224 (Μ283) 1-4
